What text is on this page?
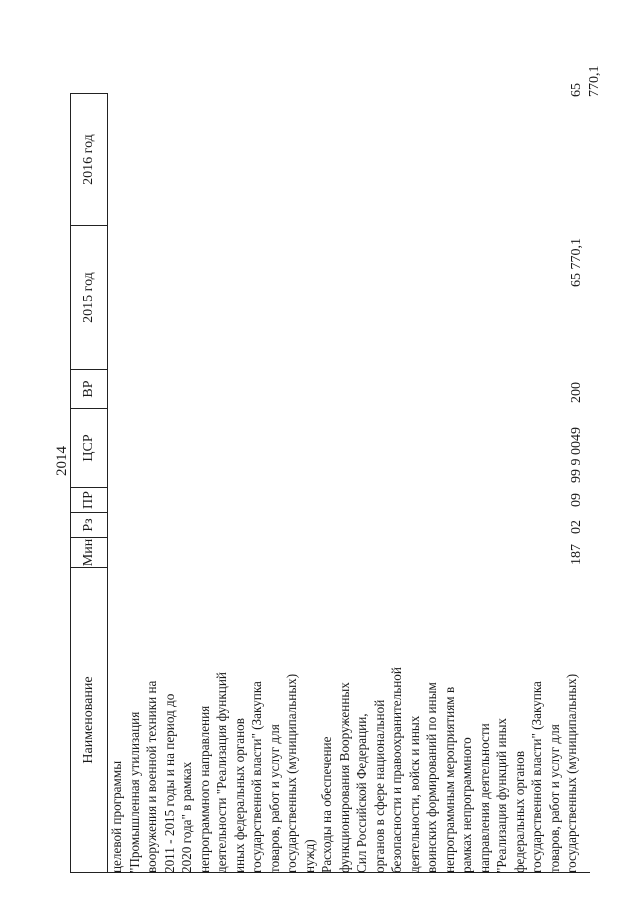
2014
Наименование
Мин
Рз
ПР
ЦСР
ВР
2015 год
2016 год
целевой программы
"Промышленная утилизация
вооружения и военной техники на
2011 - 2015 годы и на период до
2020 года" в рамках
непрограммного направления
деятельности "Реализация функций
иных федеральных органов
государственной власти" (Закупка
товаров, работ и услуг для
государственных (муниципальных)
нужд) Расходы на обеспечение
функционирования Вооруженных
Сил Российской Федерации,
органов в сфере национальной
безопасности и правоохранительной
деятельности, войск и иных
воинских формирований по иным
непрограммным мероприятиям в
рамках непрограммного
направления деятельности
"Реализация функций иных
федеральных органов
государственной власти" (Закупка
товаров, работ и услуг для
государственных (муниципальных)
187
02
09
99 9 0049
200
65 770,1
65 770,1
